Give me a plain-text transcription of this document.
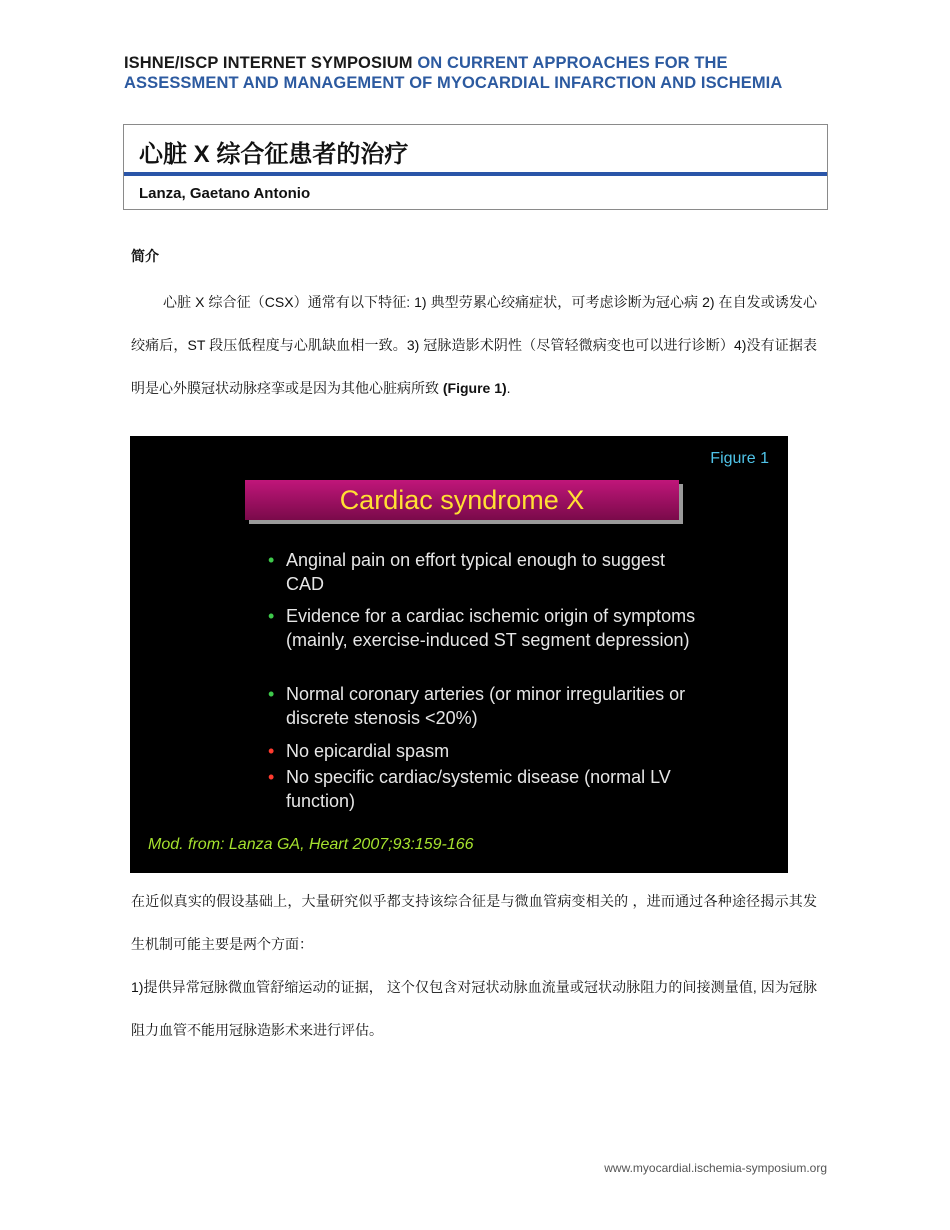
ISHNE/ISCP INTERNET SYMPOSIUM ON CURRENT APPROACHES FOR THE ASSESSMENT AND MANAGEMENT OF MYOCARDIAL INFARCTION AND ISCHEMIA
心脏 X 综合征患者的治疗
Lanza, Gaetano Antonio
简介
心脏 X 综合征（CSX）通常有以下特征: 1) 典型劳累心绞痛症状，可考虑诊断为冠心病 2) 在自发或诱发心绞痛后，ST 段压低程度与心肌缺血相一致。3) 冠脉造影术阴性（尽管轻微病变也可以进行诊断）4)没有证据表明是心外膜冠状动脉痉挛或是因为其他心脏病所致 (Figure 1).
Figure 1
Cardiac syndrome X
• Anginal pain on effort typical enough to suggest CAD
• Evidence for a cardiac ischemic origin of symptoms (mainly, exercise-induced ST segment depression)
• Normal coronary arteries (or minor irregularities or discrete stenosis <20%)
• No epicardial spasm
• No specific cardiac/systemic disease (normal LV function)
Mod. from: Lanza GA, Heart 2007;93:159-166
在近似真实的假设基础上，大量研究似乎都支持该综合征是与微血管病变相关的 ，进而通过各种途径揭示其发生机制可能主要是两个方面：
1)提供异常冠脉微血管舒缩运动的证据， 这个仅包含对冠状动脉血流量或冠状动脉阻力的间接测量值, 因为冠脉阻力血管不能用冠脉造影术来进行评估。
www.myocardial.ischemia-symposium.org
